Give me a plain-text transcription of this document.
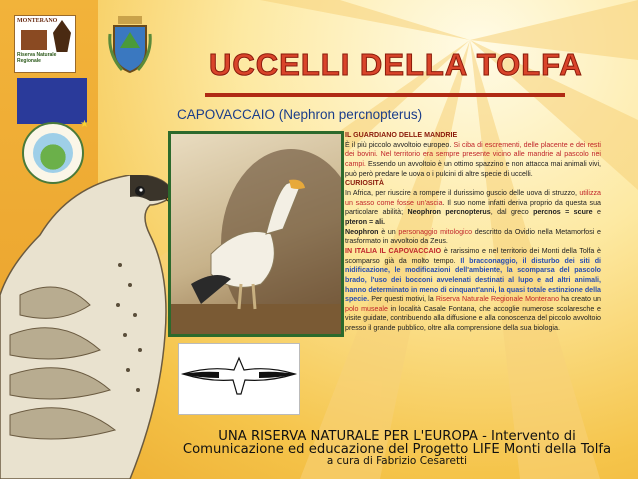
MONTERANO
Riserva Naturale Regionale
★
UCCELLI DELLA TOLFA
CAPOVACCAIO (Nephron percnopterus)

IL GUARDIANO DELLE MANDRIE

È il più piccolo avvoltoio europeo. Si ciba di escrementi, delle placente e dei resti dei bovini. Nel territorio era sempre presente vicino alle mandrie al pascolo nei campi. Essendo un avvoltoio è un ottimo spazzino e non attacca mai animali vivi, può però predare le uova o i pulcini di altre specie di uccelli.

CURIOSITÀ

In Africa, per riuscire a rompere il durissimo guscio delle uova di struzzo, utilizza un sasso come fosse un'ascia. Il suo nome infatti deriva proprio da questa sua particolare abilità; Neophron percnopterus, dal greco percnos = scure e pteron = ali.

Neophron è un personaggio mitologico descritto da Ovidio nella Metamorfosi e trasformato in avvoltoio da Zeus.

IN ITALIA IL CAPOVACCAIO è rarissimo e nel territorio dei Monti della Tolfa è scomparso già da molto tempo. Il bracconaggio, il disturbo dei siti di nidificazione, le modificazioni dell'ambiente, la scomparsa del pascolo brado, l'uso dei bocconi avvelenati destinati al lupo e ad altri animali, hanno determinato in meno di cinquant'anni, la quasi totale estinzione della specie. Per questi motivi, la Riserva Naturale Regionale Monterano ha creato un polo museale in località Casale Fontana, che accoglie numerose scolaresche e visite guidate, contribuendo alla diffusione e alla conoscenza del piccolo avvoltoio presso il grande pubblico, oltre alla comprensione della sua biologia.

UNA RISERVA NATURALE PER L'EUROPA - Intervento di
Comunicazione ed educazione del Progetto LIFE Monti della Tolfa
a cura di Fabrizio Cesaretti
